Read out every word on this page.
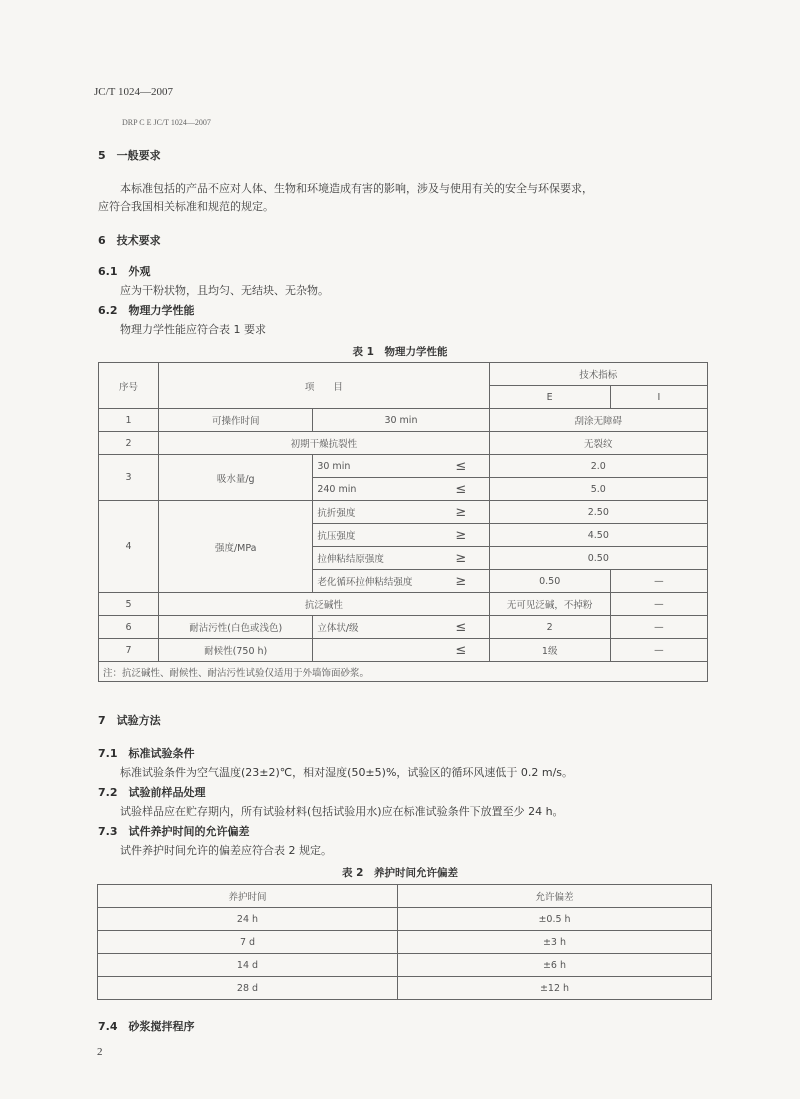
JC/T 1024—2007
DRP C E JC/T 1024—2007
5　 一般要求
本标准包括的产品不应对人体、生物和环境造成有害的影响，涉及与使用有关的安全与环保要求，
应符合我国相关标准和规范的规定。
6　 技术要求
6.1　 外观
应为干粉状物，且均匀、无结块、无杂物。
6.2　 物理力学性能
物理力学性能应符合表 1 要求
表 1　物理力学性能
序号	项　　目			技术指标	
				E	I
1	可操作时间	30 min		刮涂无障碍	
2	初期干燥抗裂性			无裂纹	
3	吸水量/g	30 min	≤	2.0	
		240 min	≤	5.0	
4	强度/MPa	抗折强度	≥	2.50	
		抗压强度	≥	4.50	
		拉伸粘结原强度	≥	0.50	
		老化循环拉伸粘结强度	≥	0.50	—
5	抗泛碱性			无可见泛碱，不掉粉	—
6	耐沾污性(白色或浅色)	立体状/级	≤	2	—
7	耐候性(750 h)		≤	1级	—
注：抗泛碱性、耐候性、耐沾污性试验仅适用于外墙饰面砂浆。					
7　 试验方法
7.1　 标准试验条件
标准试验条件为空气温度(23±2)℃，相对湿度(50±5)%，试验区的循环风速低于 0.2 m/s。
7.2　 试验前样品处理
试验样品应在贮存期内，所有试验材料(包括试验用水)应在标准试验条件下放置至少 24 h。
7.3　 试件养护时间的允许偏差
试件养护时间允许的偏差应符合表 2 规定。
表 2　养护时间允许偏差
养护时间	允许偏差
24 h	±0.5 h
7 d	±3 h
14 d	±6 h
28 d	±12 h
7.4　 砂浆搅拌程序
2
